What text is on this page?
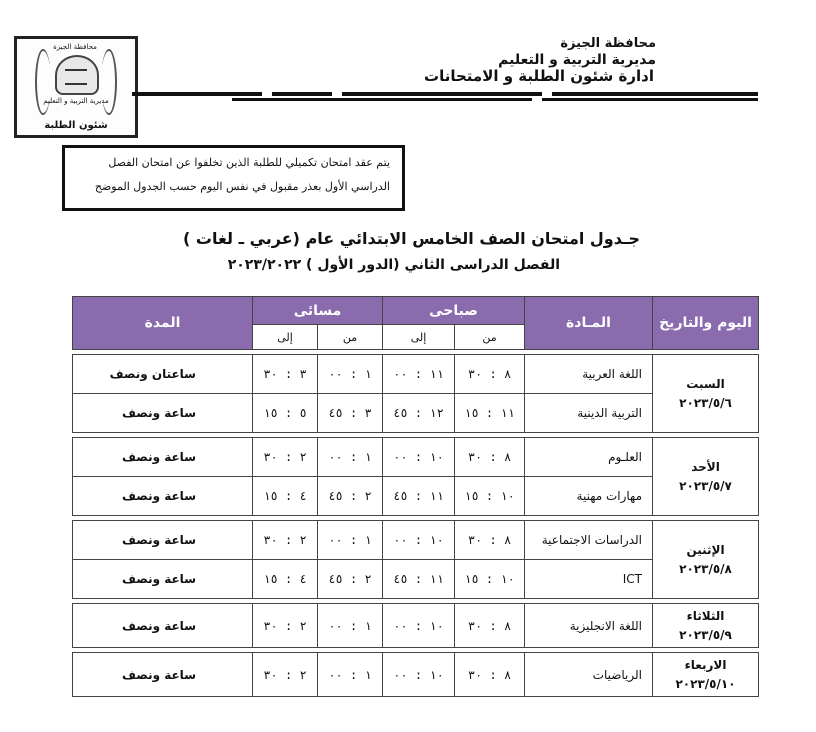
محافظة الجيزة
مديرية التربية و التعليم
شئون الطلبة
محافظة الجيزة
مديرية التربية و التعليم
ادارة شئون الطلبة و الامتحانات
يتم عقد امتحان تكميلي للطلبة الذين تخلفوا عن امتحان الفصل
الدراسي الأول بعذر مقبول في نفس اليوم حسب الجدول الموضح
جـدول امتحان الصف الخامس الابتدائي عام (عربي ـ لغات )
الفصل الدراسى الثاني (الدور الأول ) ٢٠٢٣/٢٠٢٢
اليوم والتاريخ	المـادة	صباحى		مسائى		المدة
		من	إلى	من	إلى	

السبت
٢٠٢٣/٥/٦	اللغة العربية	٨ : ٣٠	١١ : ٠٠	١ : ٠٠	٣ : ٣٠	ساعتان ونصف
	التربية الدينية	١١ : ١٥	١٢ : ٤٥	٣ : ٤٥	٥ : ١٥	ساعة ونصف

الأحد
٢٠٢٣/٥/٧	العلـوم	٨ : ٣٠	١٠ : ٠٠	١ : ٠٠	٢ : ٣٠	ساعة ونصف
	مهارات مهنية	١٠ : ١٥	١١ : ٤٥	٢ : ٤٥	٤ : ١٥	ساعة ونصف

الإثنين
٢٠٢٣/٥/٨	الدراسات الاجتماعية	٨ : ٣٠	١٠ : ٠٠	١ : ٠٠	٢ : ٣٠	ساعة ونصف
	ICT	١٠ : ١٥	١١ : ٤٥	٢ : ٤٥	٤ : ١٥	ساعة ونصف

الثلاثاء
٢٠٢٣/٥/٩	اللغة الانجليزية	٨ : ٣٠	١٠ : ٠٠	١ : ٠٠	٢ : ٣٠	ساعة ونصف

الاربعاء
٢٠٢٣/٥/١٠	الرياضيات	٨ : ٣٠	١٠ : ٠٠	١ : ٠٠	٢ : ٣٠	ساعة ونصف
